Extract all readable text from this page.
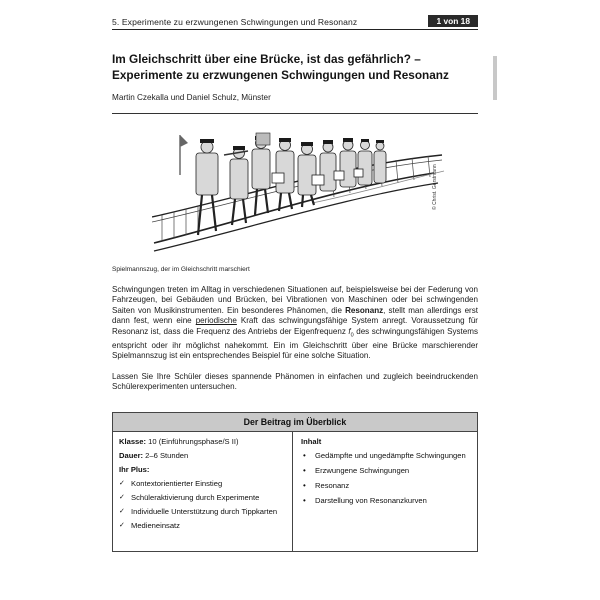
5. Experimente zu erzwungenen Schwingungen und Resonanz	1 von 18
Im Gleichschritt über eine Brücke, ist das gefährlich? –
Experimente zu erzwungenen Schwingungen und Resonanz
Martin Czekalla und Daniel Schulz, Münster
© Christ. Gerstmann
Spielmannszug, der im Gleichschritt marschiert
Schwingungen treten im Alltag in verschiedenen Situationen auf, beispielsweise bei der Federung von Fahrzeugen, bei Gebäuden und Brücken, bei Vibrationen von Maschinen oder bei schwingenden Saiten von Musikinstrumenten. Ein besonderes Phänomen, die Resonanz, stellt man allerdings erst dann fest, wenn eine periodische Kraft das schwingungsfähige System anregt. Voraussetzung für Resonanz ist, dass die Frequenz des Antriebs der Eigenfrequenz $f_0$ des schwingungsfähigen Systems entspricht oder ihr möglichst nahekommt. Ein im Gleichschritt über eine Brücke marschierender Spielmannszug ist ein entsprechendes Beispiel für eine solche Situation.
Lassen Sie Ihre Schüler dieses spannende Phänomen in einfachen und zugleich beeindruckenden Schülerexperimenten untersuchen.
Der Beitrag im Überblick
Klasse: 10 (Einführungsphase/S II)
Dauer: 2–6 Stunden
Ihr Plus:
✓ Kontextorientierter Einstieg
✓ Schüleraktivierung durch Experimente
✓ Individuelle Unterstützung durch Tippkarten
✓ Medieneinsatz
Inhalt
•	Gedämpfte und ungedämpfte Schwingungen
•	Erzwungene Schwingungen
•	Resonanz
•	Darstellung von Resonanzkurven
